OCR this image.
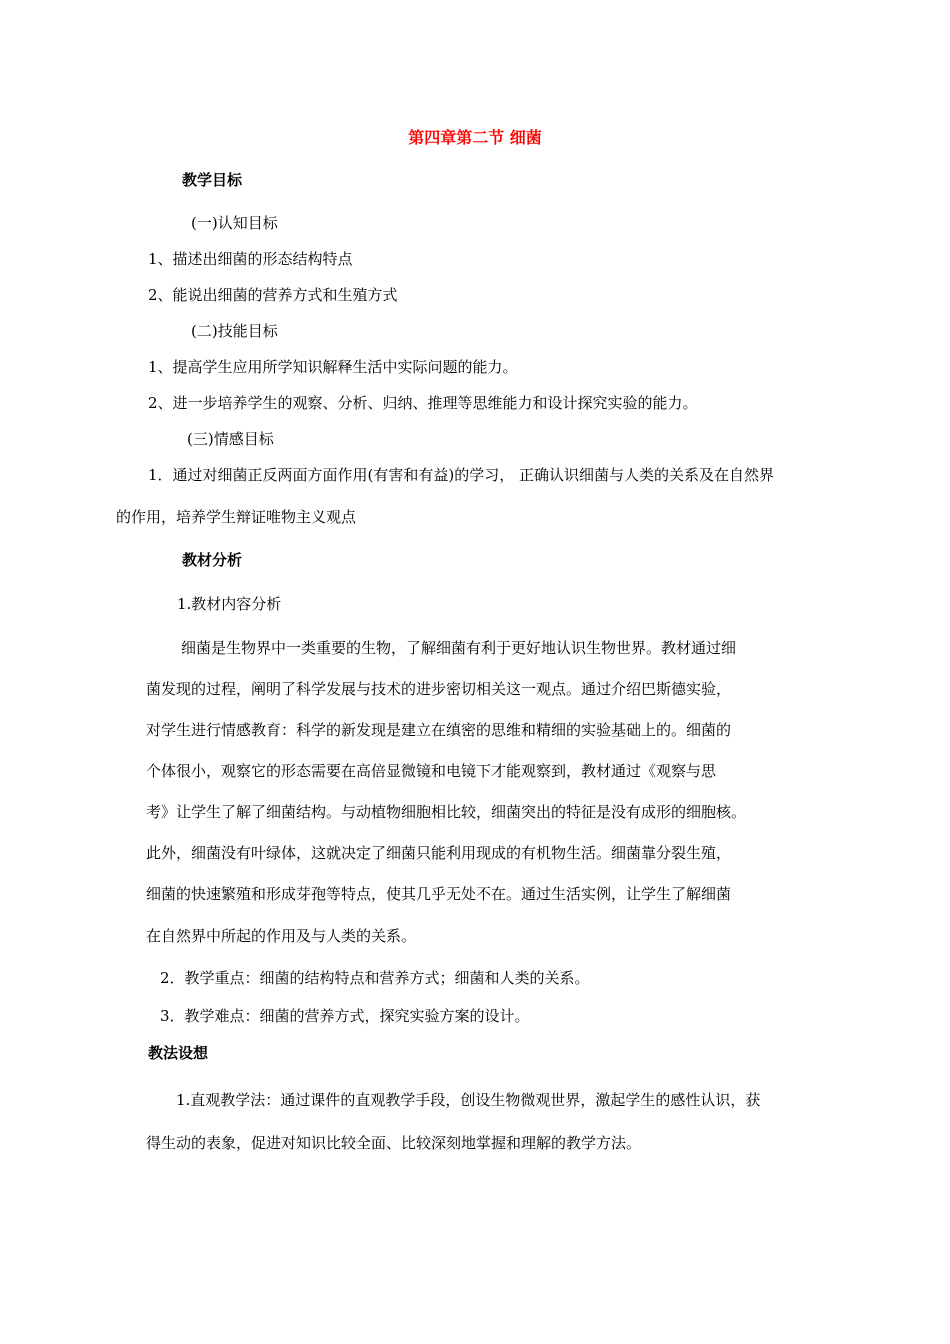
第四章第二节 细菌
教学目标
(一)认知目标
1、描述出细菌的形态结构特点
2、能说出细菌的营养方式和生殖方式
(二)技能目标
1、提高学生应用所学知识解释生活中实际问题的能力。
2、进一步培养学生的观察、分析、归纳、推理等思维能力和设计探究实验的能力。
(三)情感目标
1．通过对细菌正反两面方面作用(有害和有益)的学习， 正确认识细菌与人类的关系及在自然界
的作用，培养学生辩证唯物主义观点
教材分析
1.教材内容分析
细菌是生物界中一类重要的生物，了解细菌有利于更好地认识生物世界。教材通过细
菌发现的过程，阐明了科学发展与技术的进步密切相关这一观点。通过介绍巴斯德实验，
对学生进行情感教育：科学的新发现是建立在缜密的思维和精细的实验基础上的。细菌的
个体很小，观察它的形态需要在高倍显微镜和电镜下才能观察到，教材通过《观察与思
考》让学生了解了细菌结构。与动植物细胞相比较，细菌突出的特征是没有成形的细胞核。
此外，细菌没有叶绿体，这就决定了细菌只能利用现成的有机物生活。细菌靠分裂生殖，
细菌的快速繁殖和形成芽孢等特点，使其几乎无处不在。通过生活实例，让学生了解细菌
在自然界中所起的作用及与人类的关系。
2．教学重点：细菌的结构特点和营养方式；细菌和人类的关系。
3．教学难点：细菌的营养方式，探究实验方案的设计。
教法设想
1.直观教学法：通过课件的直观教学手段，创设生物微观世界，激起学生的感性认识，获
得生动的表象，促进对知识比较全面、比较深刻地掌握和理解的教学方法。
